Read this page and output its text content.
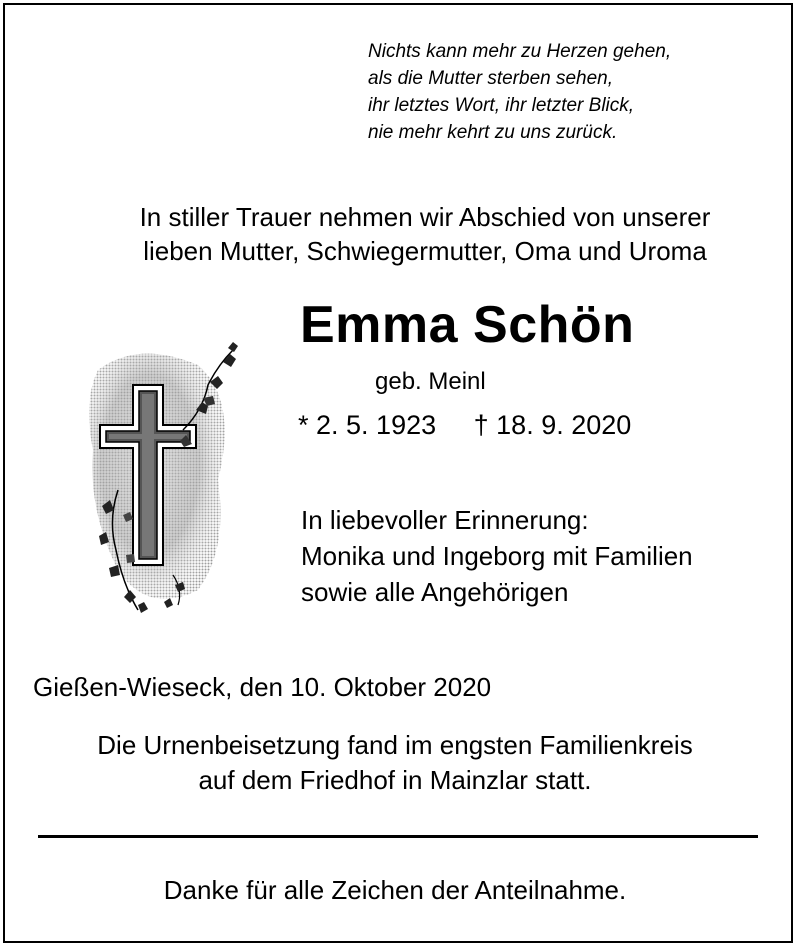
Nichts kann mehr zu Herzen gehen,
als die Mutter sterben sehen,
ihr letztes Wort, ihr letzter Blick,
nie mehr kehrt zu uns zurück.
In stiller Trauer nehmen wir Abschied von unserer
lieben Mutter, Schwiegermutter, Oma und Uroma
Emma Schön
geb. Meinl
* 2. 5. 1923 † 18. 9. 2020
In liebevoller Erinnerung:
Monika und Ingeborg mit Familien
sowie alle Angehörigen
Gießen-Wieseck, den 10. Oktober 2020
Die Urnenbeisetzung fand im engsten Familienkreis
auf dem Friedhof in Mainzlar statt.
Danke für alle Zeichen der Anteilnahme.
